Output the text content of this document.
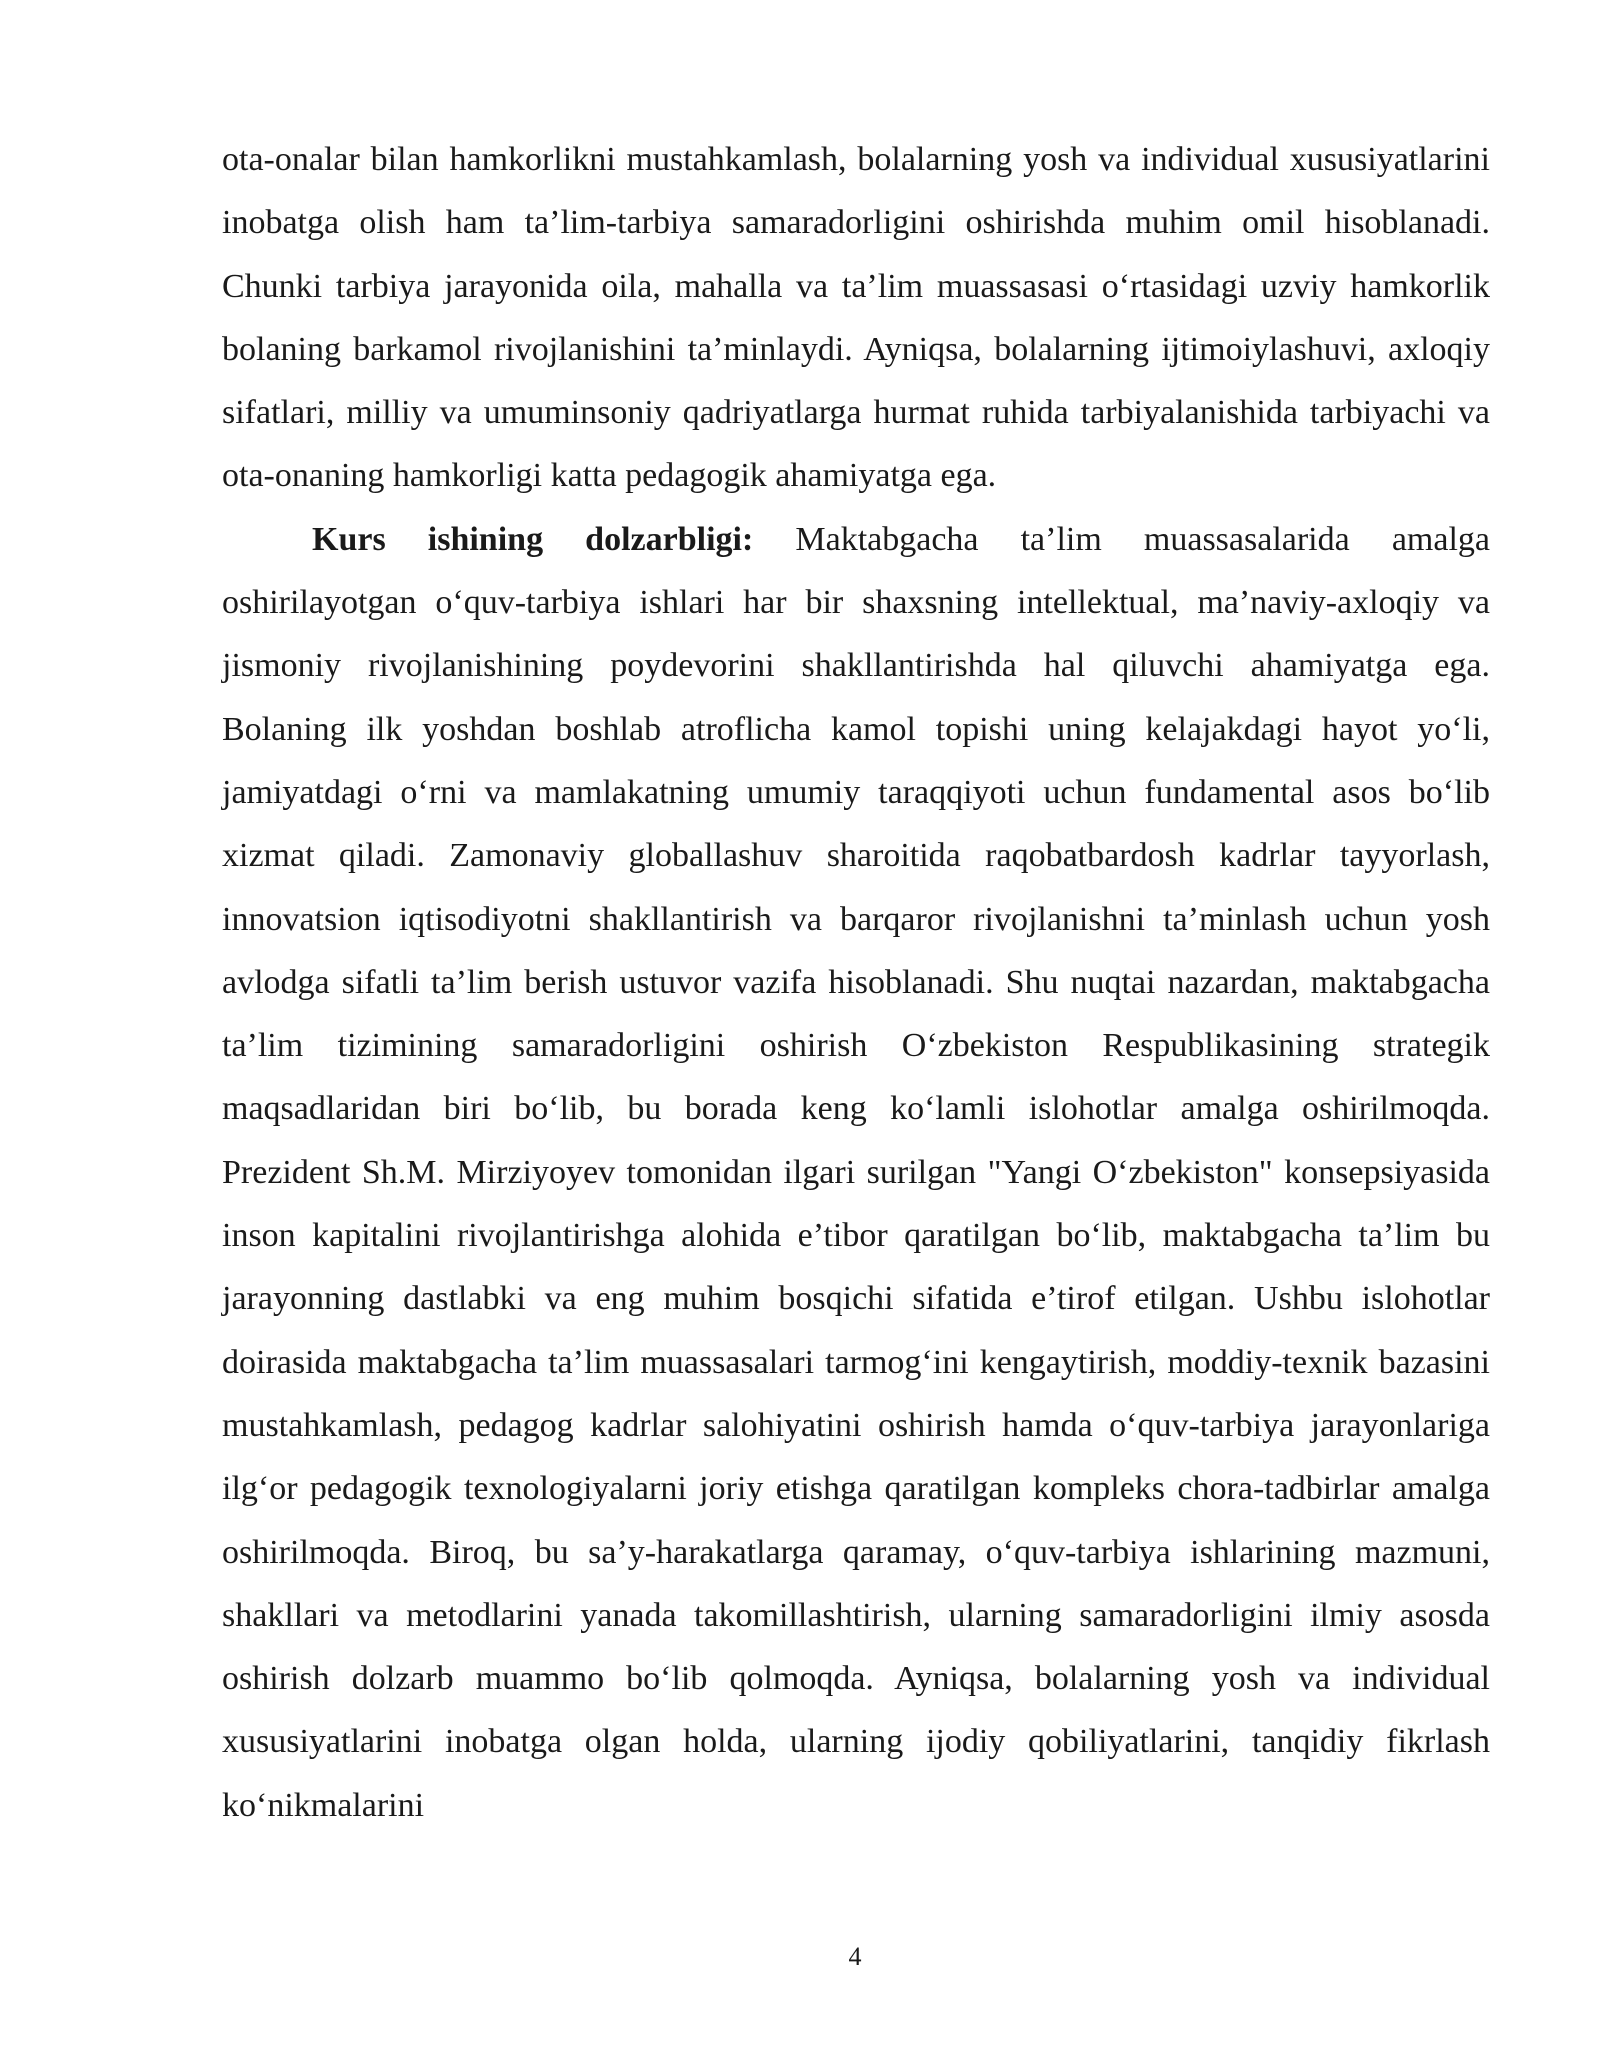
ota-onalar bilan hamkorlikni mustahkamlash, bolalarning yosh va individual xususiyatlarini inobatga olish ham ta’lim-tarbiya samaradorligini oshirishda muhim omil hisoblanadi. Chunki tarbiya jarayonida oila, mahalla va ta’lim muassasasi o‘rtasidagi uzviy hamkorlik bolaning barkamol rivojlanishini ta’minlaydi. Ayniqsa, bolalarning ijtimoiylashuvi, axloqiy sifatlari, milliy va umuminsoniy qadriyatlarga hurmat ruhida tarbiyalanishida tarbiyachi va ota-onaning hamkorligi katta pedagogik ahamiyatga ega.

Kurs ishining dolzarbligi: Maktabgacha ta’lim muassasalarida amalga oshirilayotgan o‘quv-tarbiya ishlari har bir shaxsning intellektual, ma’naviy-axloqiy va jismoniy rivojlanishining poydevorini shakllantirishda hal qiluvchi ahamiyatga ega. Bolaning ilk yoshdan boshlab atroflicha kamol topishi uning kelajakdagi hayot yo‘li, jamiyatdagi o‘rni va mamlakatning umumiy taraqqiyoti uchun fundamental asos bo‘lib xizmat qiladi. Zamonaviy globallashuv sharoitida raqobatbardosh kadrlar tayyorlash, innovatsion iqtisodiyotni shakllantirish va barqaror rivojlanishni ta’minlash uchun yosh avlodga sifatli ta’lim berish ustuvor vazifa hisoblanadi. Shu nuqtai nazardan, maktabgacha ta’lim tizimining samaradorligini oshirish O‘zbekiston Respublikasining strategik maqsadlaridan biri bo‘lib, bu borada keng ko‘lamli islohotlar amalga oshirilmoqda. Prezident Sh.M. Mirziyoyev tomonidan ilgari surilgan "Yangi O‘zbekiston" konsepsiyasida inson kapitalini rivojlantirishga alohida e’tibor qaratilgan bo‘lib, maktabgacha ta’lim bu jarayonning dastlabki va eng muhim bosqichi sifatida e’tirof etilgan. Ushbu islohotlar doirasida maktabgacha ta’lim muassasalari tarmog‘ini kengaytirish, moddiy-texnik bazasini mustahkamlash, pedagog kadrlar salohiyatini oshirish hamda o‘quv-tarbiya jarayonlariga ilg‘or pedagogik texnologiyalarni joriy etishga qaratilgan kompleks chora-tadbirlar amalga oshirilmoqda. Biroq, bu sa’y-harakatlarga qaramay, o‘quv-tarbiya ishlarining mazmuni, shakllari va metodlarini yanada takomillashtirish, ularning samaradorligini ilmiy asosda oshirish dolzarb muammo bo‘lib qolmoqda. Ayniqsa, bolalarning yosh va individual xususiyatlarini inobatga olgan holda, ularning ijodiy qobiliyatlarini, tanqidiy fikrlash ko‘nikmalarini

4
